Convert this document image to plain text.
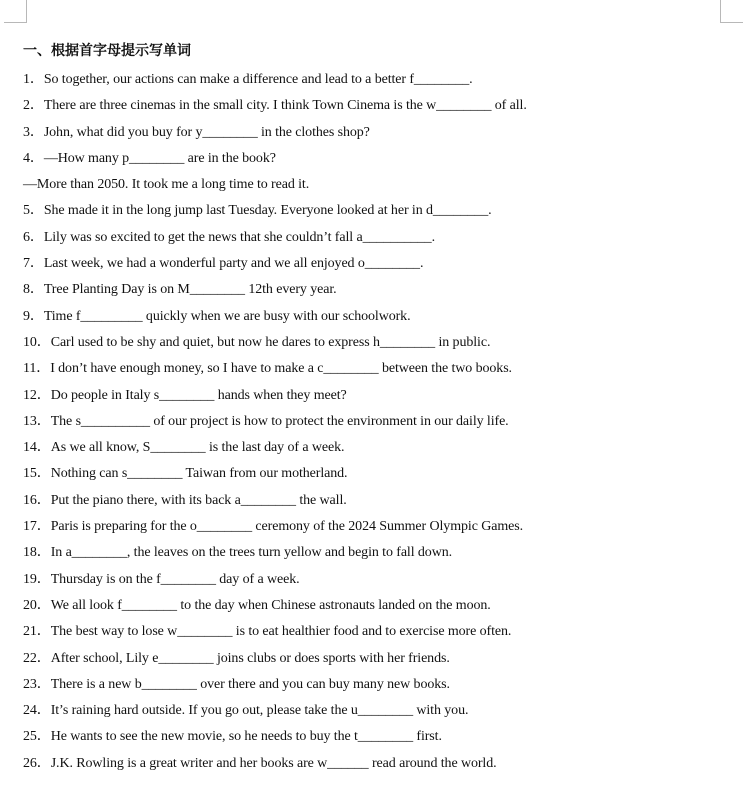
一、根据首字母提示写单词
1．So together, our actions can make a difference and lead to a better f________.
2．There are three cinemas in the small city. I think Town Cinema is the w________ of all.
3．John, what did you buy for y________ in the clothes shop?
4．—How many p________ are in the book?
—More than 2050. It took me a long time to read it.
5．She made it in the long jump last Tuesday. Everyone looked at her in d________.
6．Lily was so excited to get the news that she couldn’t fall a__________.
7．Last week, we had a wonderful party and we all enjoyed o________.
8．Tree Planting Day is on M________ 12th every year.
9．Time f_________ quickly when we are busy with our schoolwork.
10．Carl used to be shy and quiet, but now he dares to express h________ in public.
11．I don’t have enough money, so I have to make a c________ between the two books.
12．Do people in Italy s________ hands when they meet?
13．The s__________ of our project is how to protect the environment in our daily life.
14．As we all know, S________ is the last day of a week.
15．Nothing can s________ Taiwan from our motherland.
16．Put the piano there, with its back a________ the wall.
17．Paris is preparing for the o________ ceremony of the 2024 Summer Olympic Games.
18．In a________, the leaves on the trees turn yellow and begin to fall down.
19．Thursday is on the f________ day of a week.
20．We all look f________ to the day when Chinese astronauts landed on the moon.
21．The best way to lose w________ is to eat healthier food and to exercise more often.
22．After school, Lily e________ joins clubs or does sports with her friends.
23．There is a new b________ over there and you can buy many new books.
24．It’s raining hard outside. If you go out, please take the u________ with you.
25．He wants to see the new movie, so he needs to buy the t________ first.
26．J.K. Rowling is a great writer and her books are w______ read around the world.
